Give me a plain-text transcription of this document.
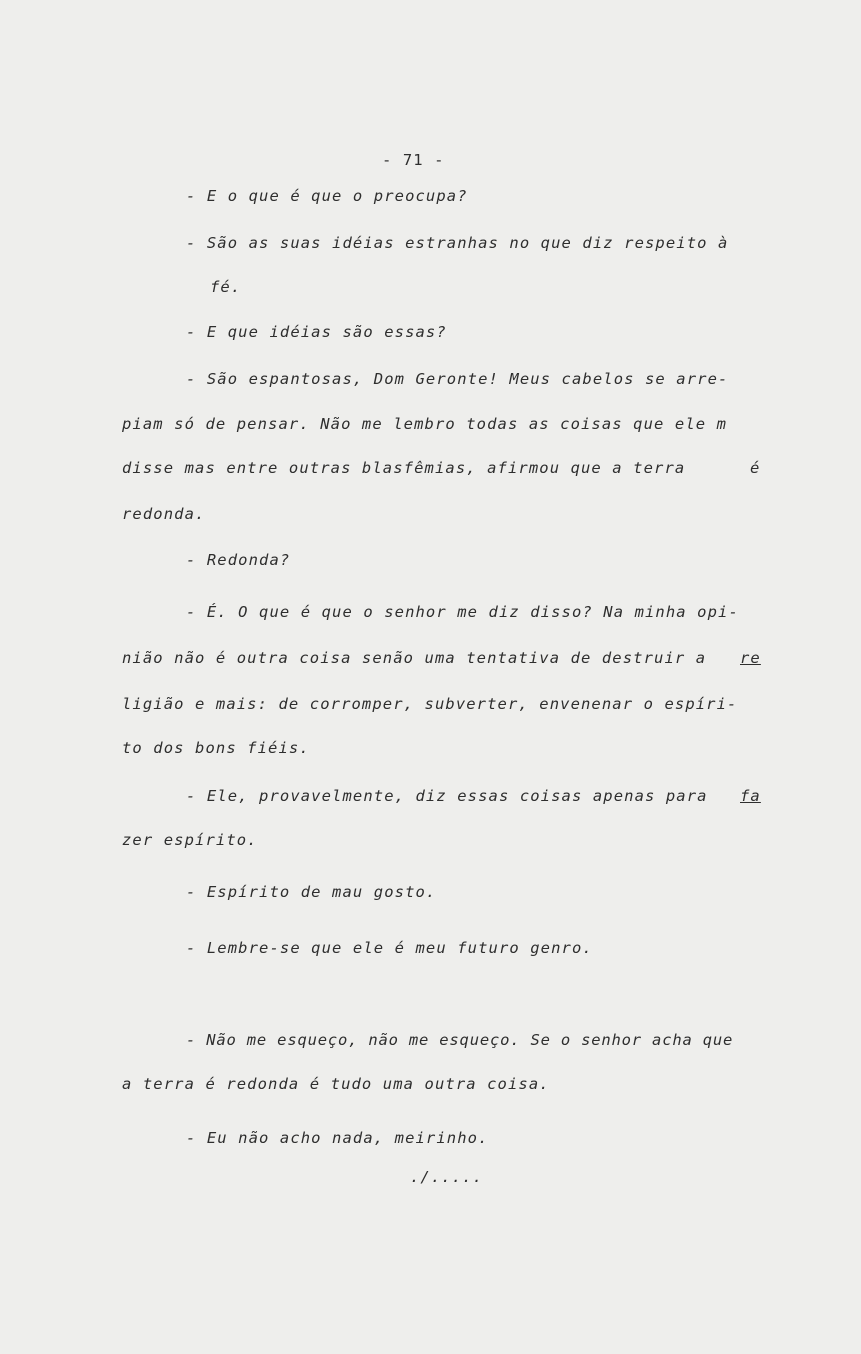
- 71 -
- E o que é que o preocupa?
- São as suas idéias estranhas no que diz respeito à
fé.
- E que idéias são essas?
- São espantosas, Dom Geronte! Meus cabelos se arre-
piam só de pensar. Não me lembro todas as coisas que ele m
disse mas entre outras blasfêmias, afirmou que a terra	é
redonda.
- Redonda?
- É. O que é que o senhor me diz disso? Na minha opi-
nião não é outra coisa senão uma tentativa de destruir a re
ligião e mais: de corromper, subverter, envenenar o espíri-
to dos bons fiéis.
- Ele, provavelmente, diz essas coisas apenas para fa
zer espírito.
- Espírito de mau gosto.
- Lembre-se que ele é meu futuro genro.
- Não me esqueço, não me esqueço. Se o senhor acha que
a terra é redonda é tudo uma outra coisa.
- Eu não acho nada, meirinho.
./.....
